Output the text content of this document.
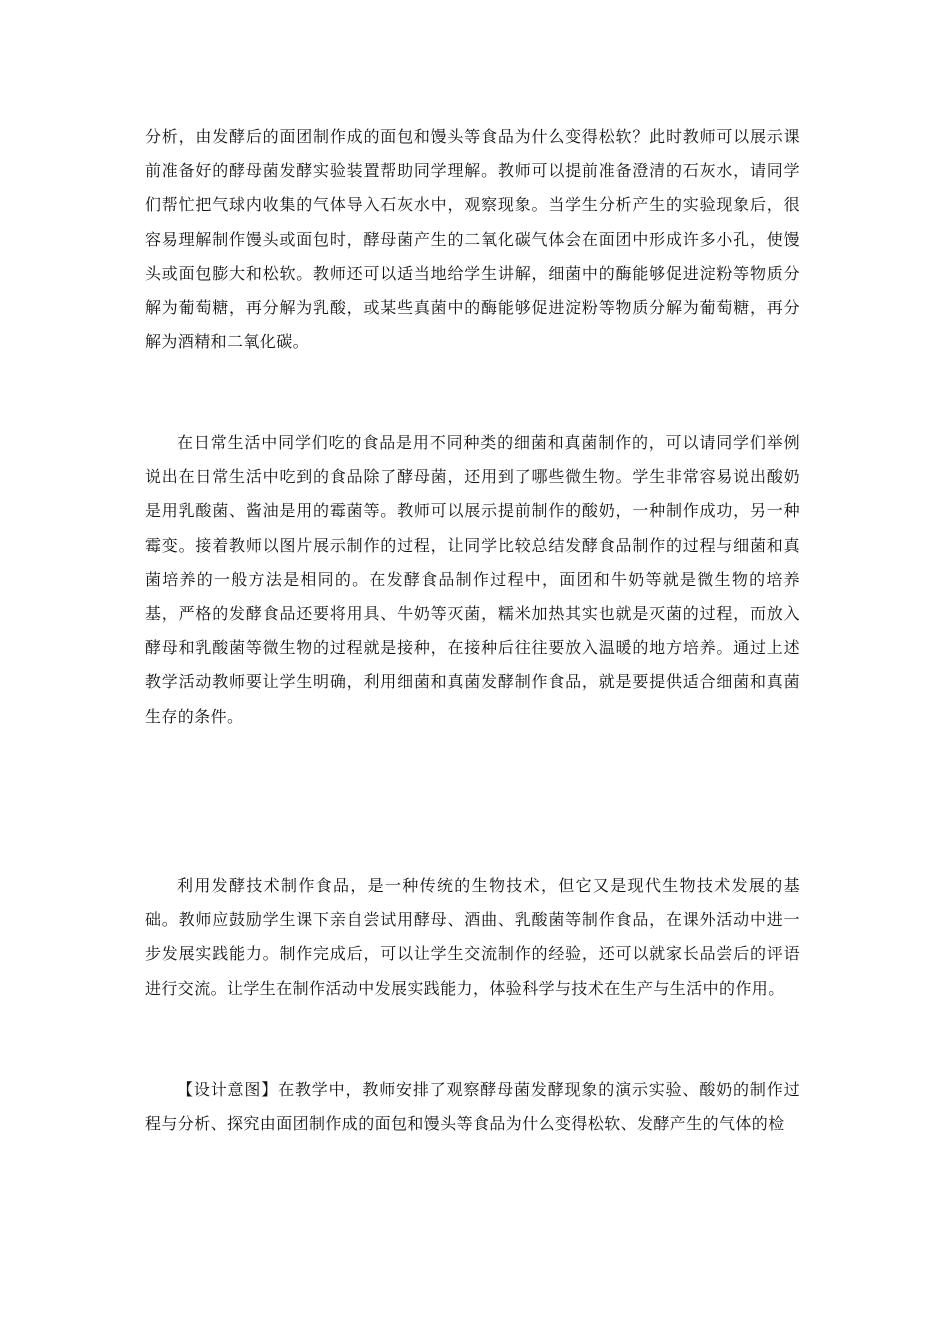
分析，由发酵后的面团制作成的面包和馒头等食品为什么变得松软？此时教师可以展示课前准备好的酵母菌发酵实验装置帮助同学理解。教师可以提前准备澄清的石灰水，请同学们帮忙把气球内收集的气体导入石灰水中，观察现象。当学生分析产生的实验现象后，很容易理解制作馒头或面包时，酵母菌产生的二氧化碳气体会在面团中形成许多小孔，使馒头或面包膨大和松软。教师还可以适当地给学生讲解，细菌中的酶能够促进淀粉等物质分解为葡萄糖，再分解为乳酸，或某些真菌中的酶能够促进淀粉等物质分解为葡萄糖，再分解为酒精和二氧化碳。

在日常生活中同学们吃的食品是用不同种类的细菌和真菌制作的，可以请同学们举例说出在日常生活中吃到的食品除了酵母菌，还用到了哪些微生物。学生非常容易说出酸奶是用乳酸菌、酱油是用的霉菌等。教师可以展示提前制作的酸奶，一种制作成功，另一种霉变。接着教师以图片展示制作的过程，让同学比较总结发酵食品制作的过程与细菌和真菌培养的一般方法是相同的。在发酵食品制作过程中，面团和牛奶等就是微生物的培养基，严格的发酵食品还要将用具、牛奶等灭菌，糯米加热其实也就是灭菌的过程，而放入酵母和乳酸菌等微生物的过程就是接种，在接种后往往要放入温暖的地方培养。通过上述教学活动教师要让学生明确，利用细菌和真菌发酵制作食品，就是要提供适合细菌和真菌生存的条件。

利用发酵技术制作食品，是一种传统的生物技术，但它又是现代生物技术发展的基础。教师应鼓励学生课下亲自尝试用酵母、酒曲、乳酸菌等制作食品，在课外活动中进一步发展实践能力。制作完成后，可以让学生交流制作的经验，还可以就家长品尝后的评语进行交流。让学生在制作活动中发展实践能力，体验科学与技术在生产与生活中的作用。

【设计意图】在教学中，教师安排了观察酵母菌发酵现象的演示实验、酸奶的制作过程与分析、探究由面团制作成的面包和馒头等食品为什么变得松软、发酵产生的气体的检
